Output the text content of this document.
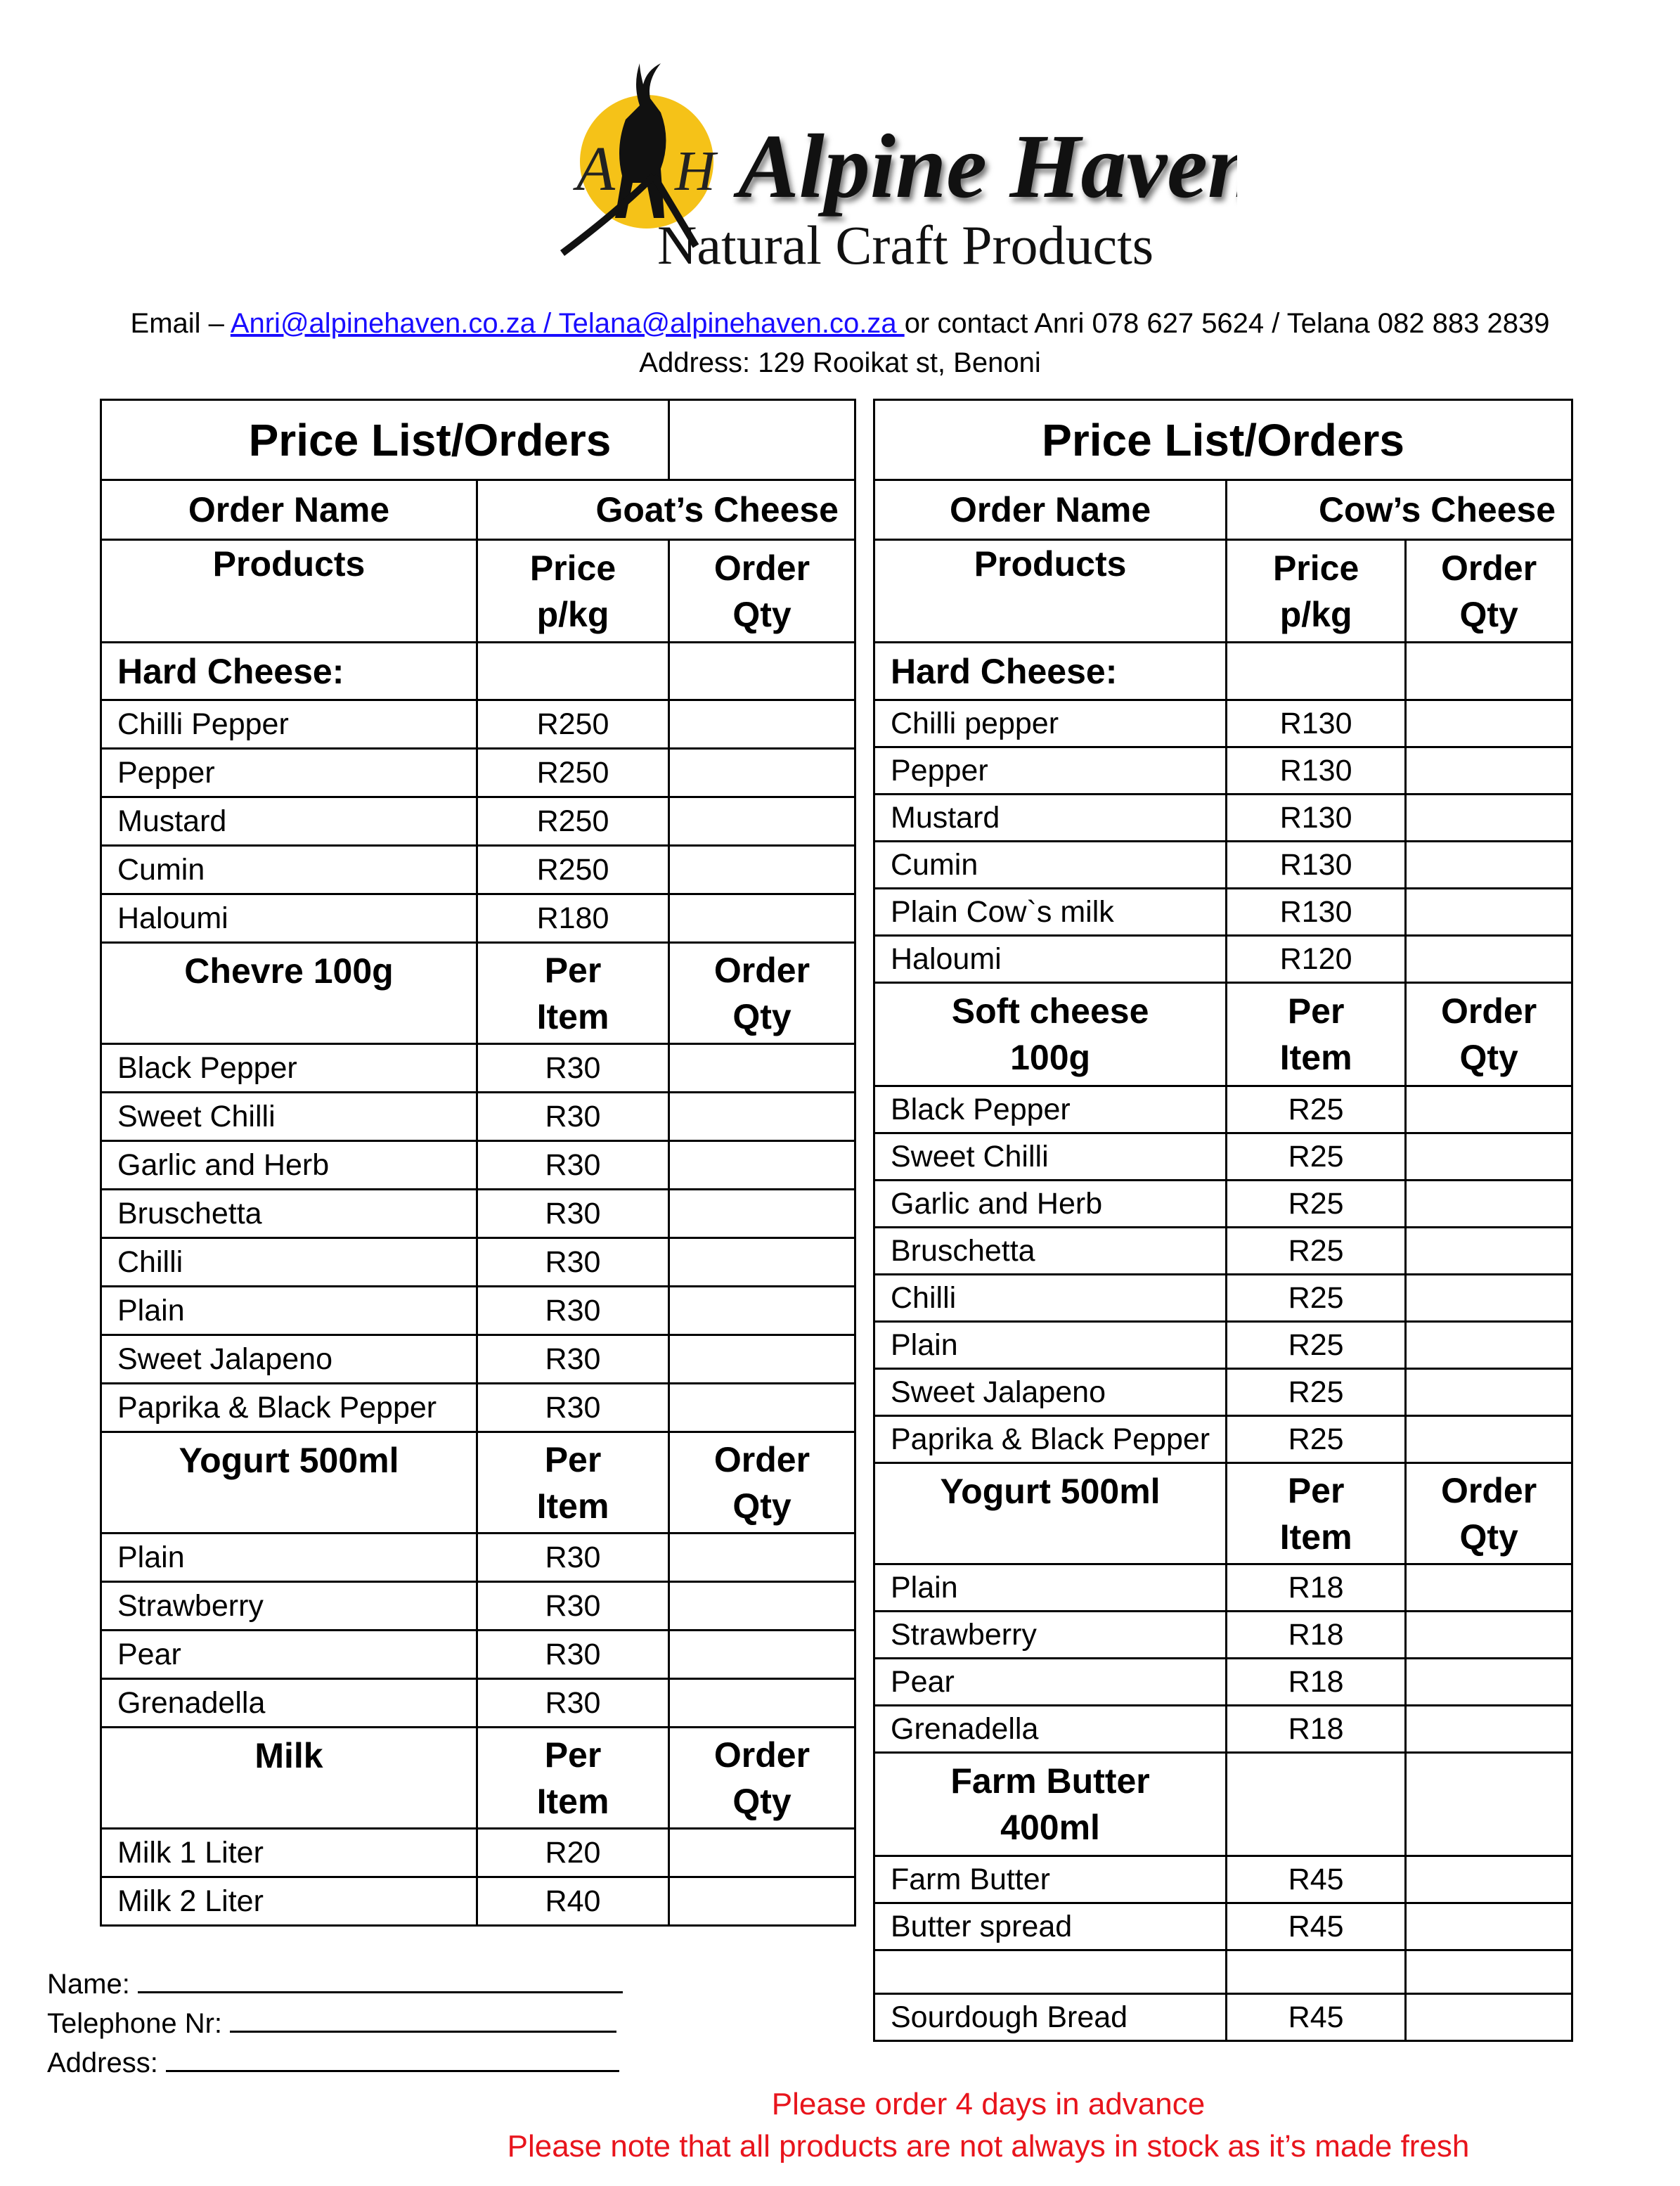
A H Alpine Haven
Natural Craft Products
Email – Anri@alpinehaven.co.za / Telana@alpinehaven.co.za or contact Anri 078 627 5624 / Telana 082 883 2839
Address: 129 Rooikat st, Benoni
Price List/Orders		
Order Name	Goat’s Cheese	
Products	Price p/kg	Order Qty
Hard Cheese:		
Chilli Pepper	R250	
Pepper	R250	
Mustard	R250	
Cumin	R250	
Haloumi	R180	
Chevre 100g	Per Item	Order Qty
Black Pepper	R30	
Sweet Chilli	R30	
Garlic and Herb	R30	
Bruschetta	R30	
Chilli	R30	
Plain	R30	
Sweet Jalapeno	R30	
Paprika & Black Pepper	R30	
Yogurt 500ml	Per Item	Order Qty
Plain	R30	
Strawberry	R30	
Pear	R30	
Grenadella	R30	
Milk	Per Item	Order Qty
Milk 1 Liter	R20	
Milk 2 Liter	R40	
Price List/Orders		
Order Name	Cow’s Cheese	
Products	Price p/kg	Order Qty
Hard Cheese:		
Chilli pepper	R130	
Pepper	R130	
Mustard	R130	
Cumin	R130	
Plain Cow`s milk	R130	
Haloumi	R120	
Soft cheese 100g	Per Item	Order Qty
Black Pepper	R25	
Sweet Chilli	R25	
Garlic and Herb	R25	
Bruschetta	R25	
Chilli	R25	
Plain	R25	
Sweet Jalapeno	R25	
Paprika & Black Pepper	R25	
Yogurt 500ml	Per Item	Order Qty
Plain	R18	
Strawberry	R18	
Pear	R18	
Grenadella	R18	
Farm Butter 400ml		
Farm Butter	R45	
Butter spread	R45	

Sourdough Bread	R45	
Name:
Telephone Nr:
Address:
Please order 4 days in advance
Please note that all products are not always in stock as it’s made fresh
